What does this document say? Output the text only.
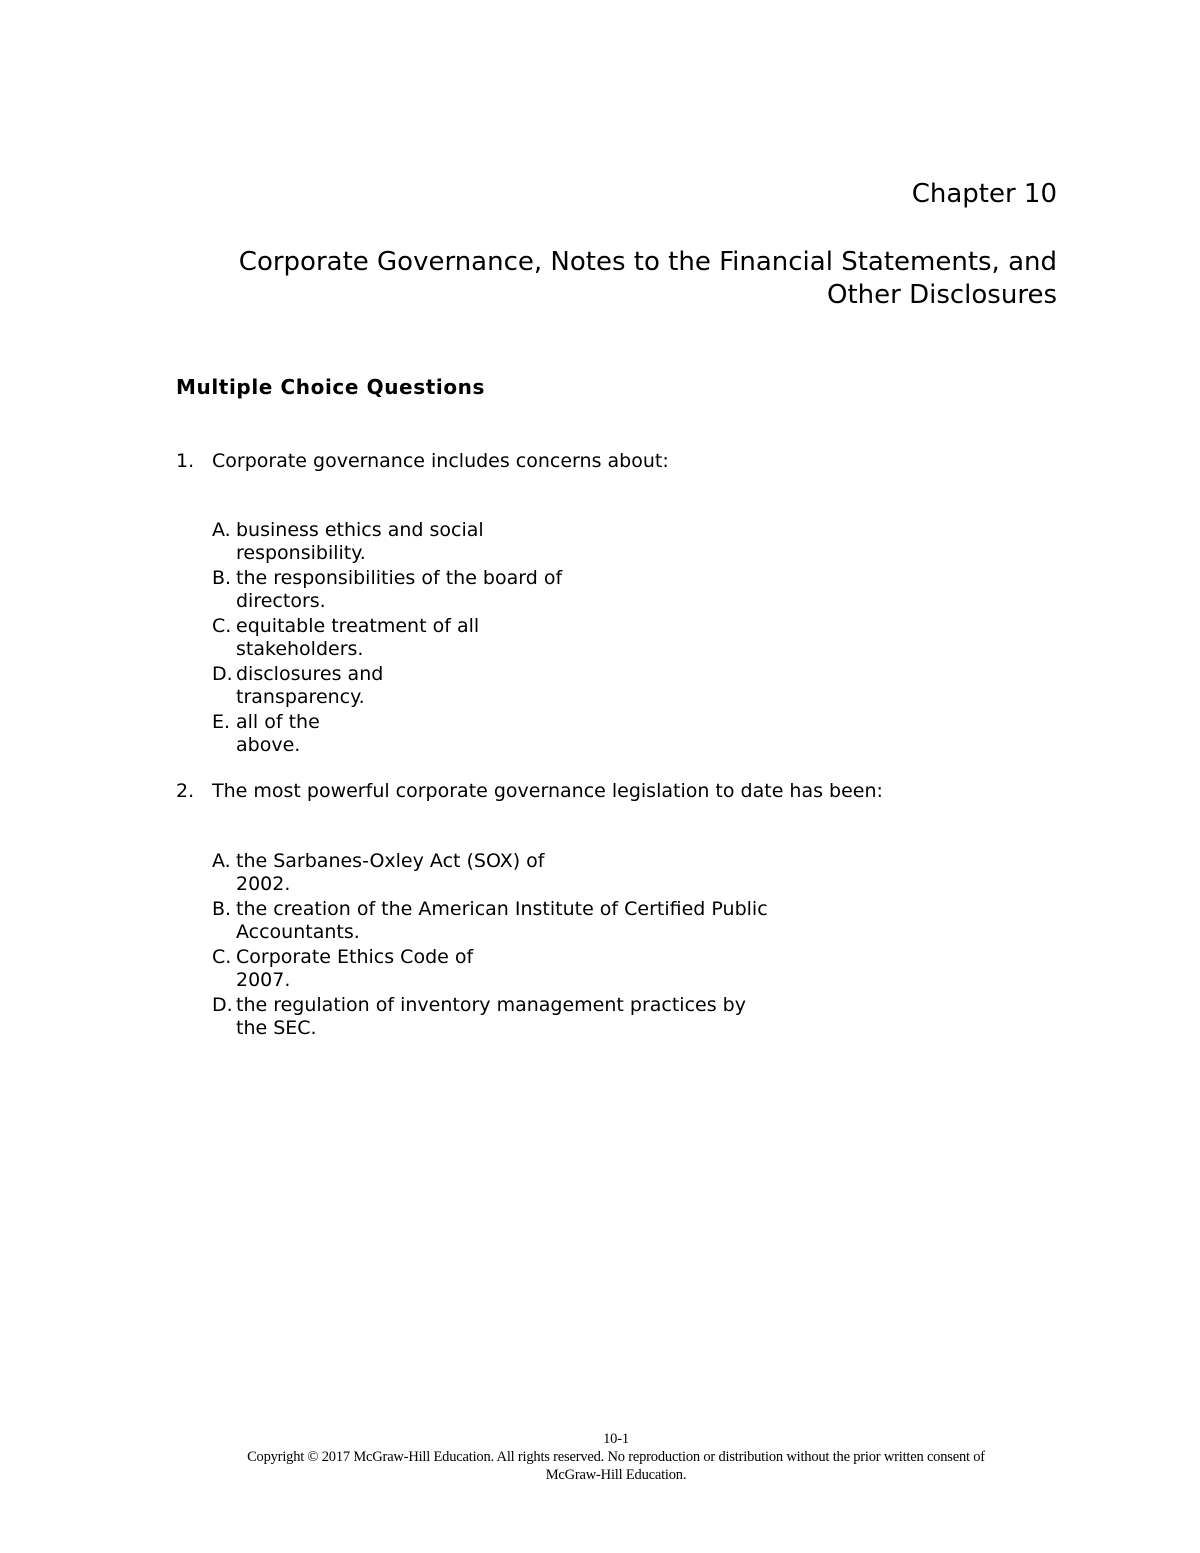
Chapter 10
Corporate Governance, Notes to the Financial Statements, and
Other Disclosures
Multiple Choice Questions

1. Corporate governance includes concerns about:

A. business ethics and social responsibility.
B. the responsibilities of the board of directors.
C. equitable treatment of all stakeholders.
D. disclosures and transparency.
E. all of the above.

2. The most powerful corporate governance legislation to date has been:

A. the Sarbanes-Oxley Act (SOX) of 2002.
B. the creation of the American Institute of Certified Public Accountants.
C. Corporate Ethics Code of 2007.
D. the regulation of inventory management practices by the SEC.
10-1
Copyright © 2017 McGraw-Hill Education. All rights reserved. No reproduction or distribution without the prior written consent of
McGraw-Hill Education.
